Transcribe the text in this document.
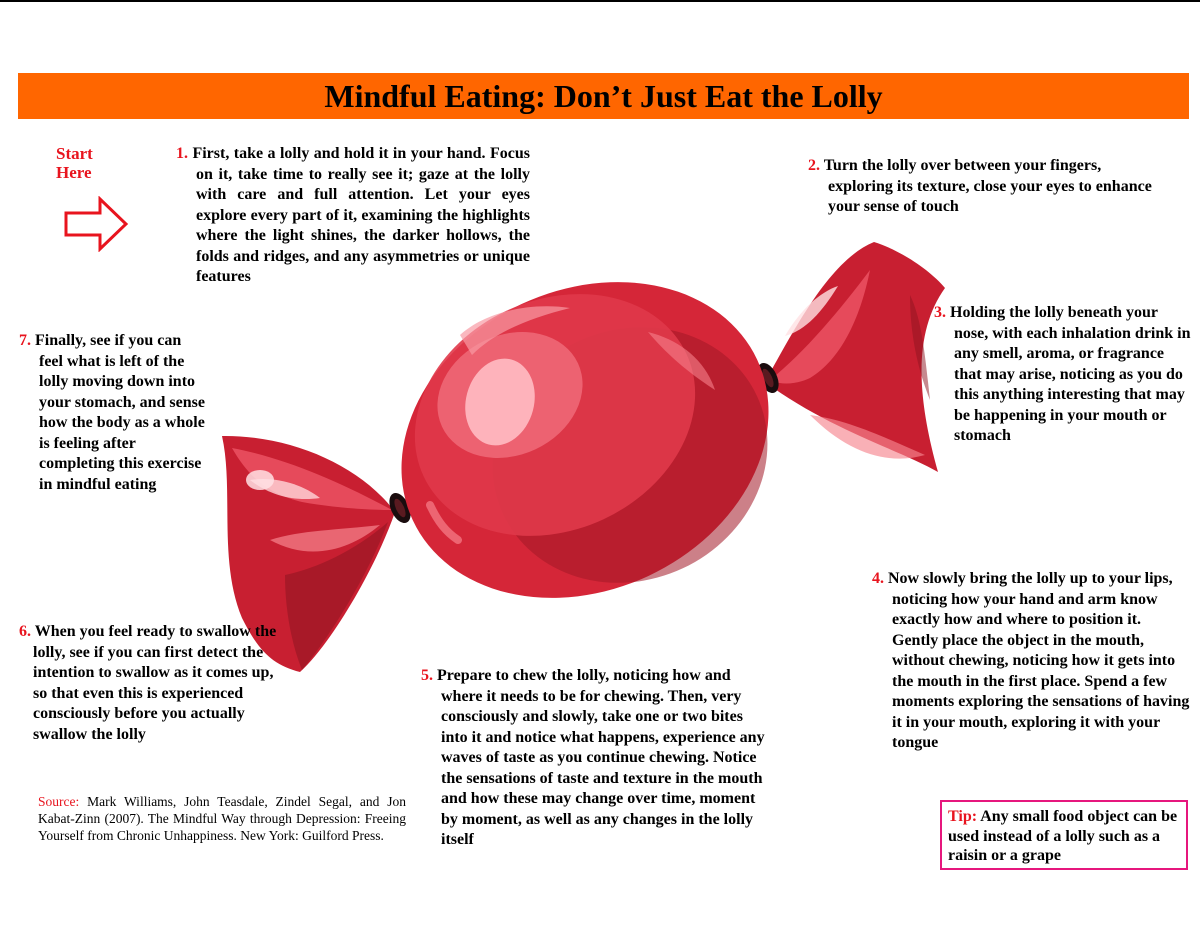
Mindful Eating: Don’t Just Eat the Lolly
Start
Here
1. First, take a lolly and hold it in your hand. Focus on it, take time to really see it; gaze at the lolly with care and full attention. Let your eyes explore every part of it, examining the highlights where the light shines, the darker hollows, the folds and ridges, and any asymmetries or unique features
2. Turn the lolly over between your fingers, exploring its texture, close your eyes to enhance your sense of touch
3. Holding the lolly beneath your nose, with each inhalation drink in any smell, aroma, or fragrance that may arise, noticing as you do this anything interesting that may be happening in your mouth or stomach
4. Now slowly bring the lolly up to your lips, noticing how your hand and arm know exactly how and where to position it. Gently place the object in the mouth, without chewing, noticing how it gets into the mouth in the first place. Spend a few moments exploring the sensations of having it in your mouth, exploring it with your tongue
5. Prepare to chew the lolly, noticing how and where it needs to be for chewing. Then, very consciously and slowly, take one or two bites into it and notice what happens, experience any waves of taste as you continue chewing. Notice the sensations of taste and texture in the mouth and how these may change over time, moment by moment, as well as any changes in the lolly itself
6. When you feel ready to swallow the lolly, see if you can first detect the intention to swallow as it comes up, so that even this is experienced consciously before you actually swallow the lolly
7. Finally, see if you can feel what is left of the lolly moving down into your stomach, and sense how the body as a whole is feeling after completing this exercise in mindful eating
Source: Mark Williams, John Teasdale, Zindel Segal, and Jon Kabat-Zinn (2007). The Mindful Way through Depression: Freeing Yourself from Chronic Unhappiness. New York: Guilford Press.
Tip: Any small food object can be used instead of a lolly such as a raisin or a grape
